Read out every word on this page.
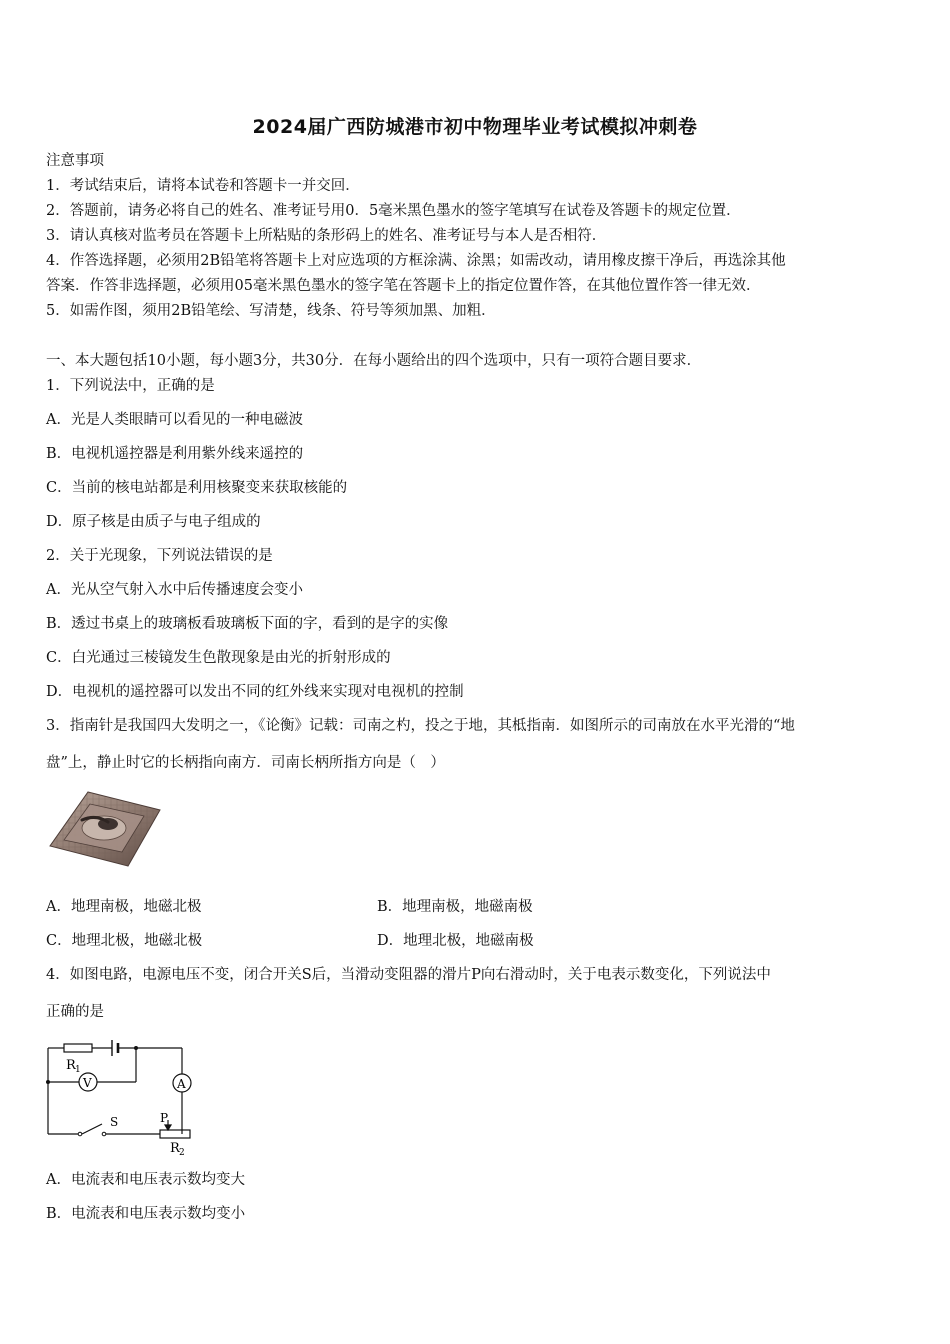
2024届广西防城港市初中物理毕业考试模拟冲刺卷
注意事项
1．考试结束后，请将本试卷和答题卡一并交回．
2．答题前，请务必将自己的姓名、准考证号用0．5毫米黑色墨水的签字笔填写在试卷及答题卡的规定位置．
3．请认真核对监考员在答题卡上所粘贴的条形码上的姓名、准考证号与本人是否相符．
4．作答选择题，必须用2B铅笔将答题卡上对应选项的方框涂满、涂黑；如需改动，请用橡皮擦干净后，再选涂其他
答案．作答非选择题，必须用05毫米黑色墨水的签字笔在答题卡上的指定位置作答，在其他位置作答一律无效．
5．如需作图，须用2B铅笔绘、写清楚，线条、符号等须加黑、加粗．
一、本大题包括10小题，每小题3分，共30分．在每小题给出的四个选项中，只有一项符合题目要求．
1．下列说法中，正确的是
A．光是人类眼睛可以看见的一种电磁波
B．电视机遥控器是利用紫外线来遥控的
C．当前的核电站都是利用核聚变来获取核能的
D．原子核是由质子与电子组成的
2．关于光现象，下列说法错误的是
A．光从空气射入水中后传播速度会变小
B．透过书桌上的玻璃板看玻璃板下面的字，看到的是字的实像
C．白光通过三棱镜发生色散现象是由光的折射形成的
D．电视机的遥控器可以发出不同的红外线来实现对电视机的控制
3．指南针是我国四大发明之一，《论衡》记载：司南之杓，投之于地，其柢指南．如图所示的司南放在水平光滑的“地
盘”上，静止时它的长柄指向南方．司南长柄所指方向是（　）
A．地理南极，地磁北极	B．地理南极，地磁南极
C．地理北极，地磁北极	D．地理北极，地磁南极
4．如图电路，电源电压不变，闭合开关S后，当滑动变阻器的滑片P向右滑动时，关于电表示数变化，下列说法中
正确的是
R 1
V	A
S	P
R 2
A．电流表和电压表示数均变大
B．电流表和电压表示数均变小
